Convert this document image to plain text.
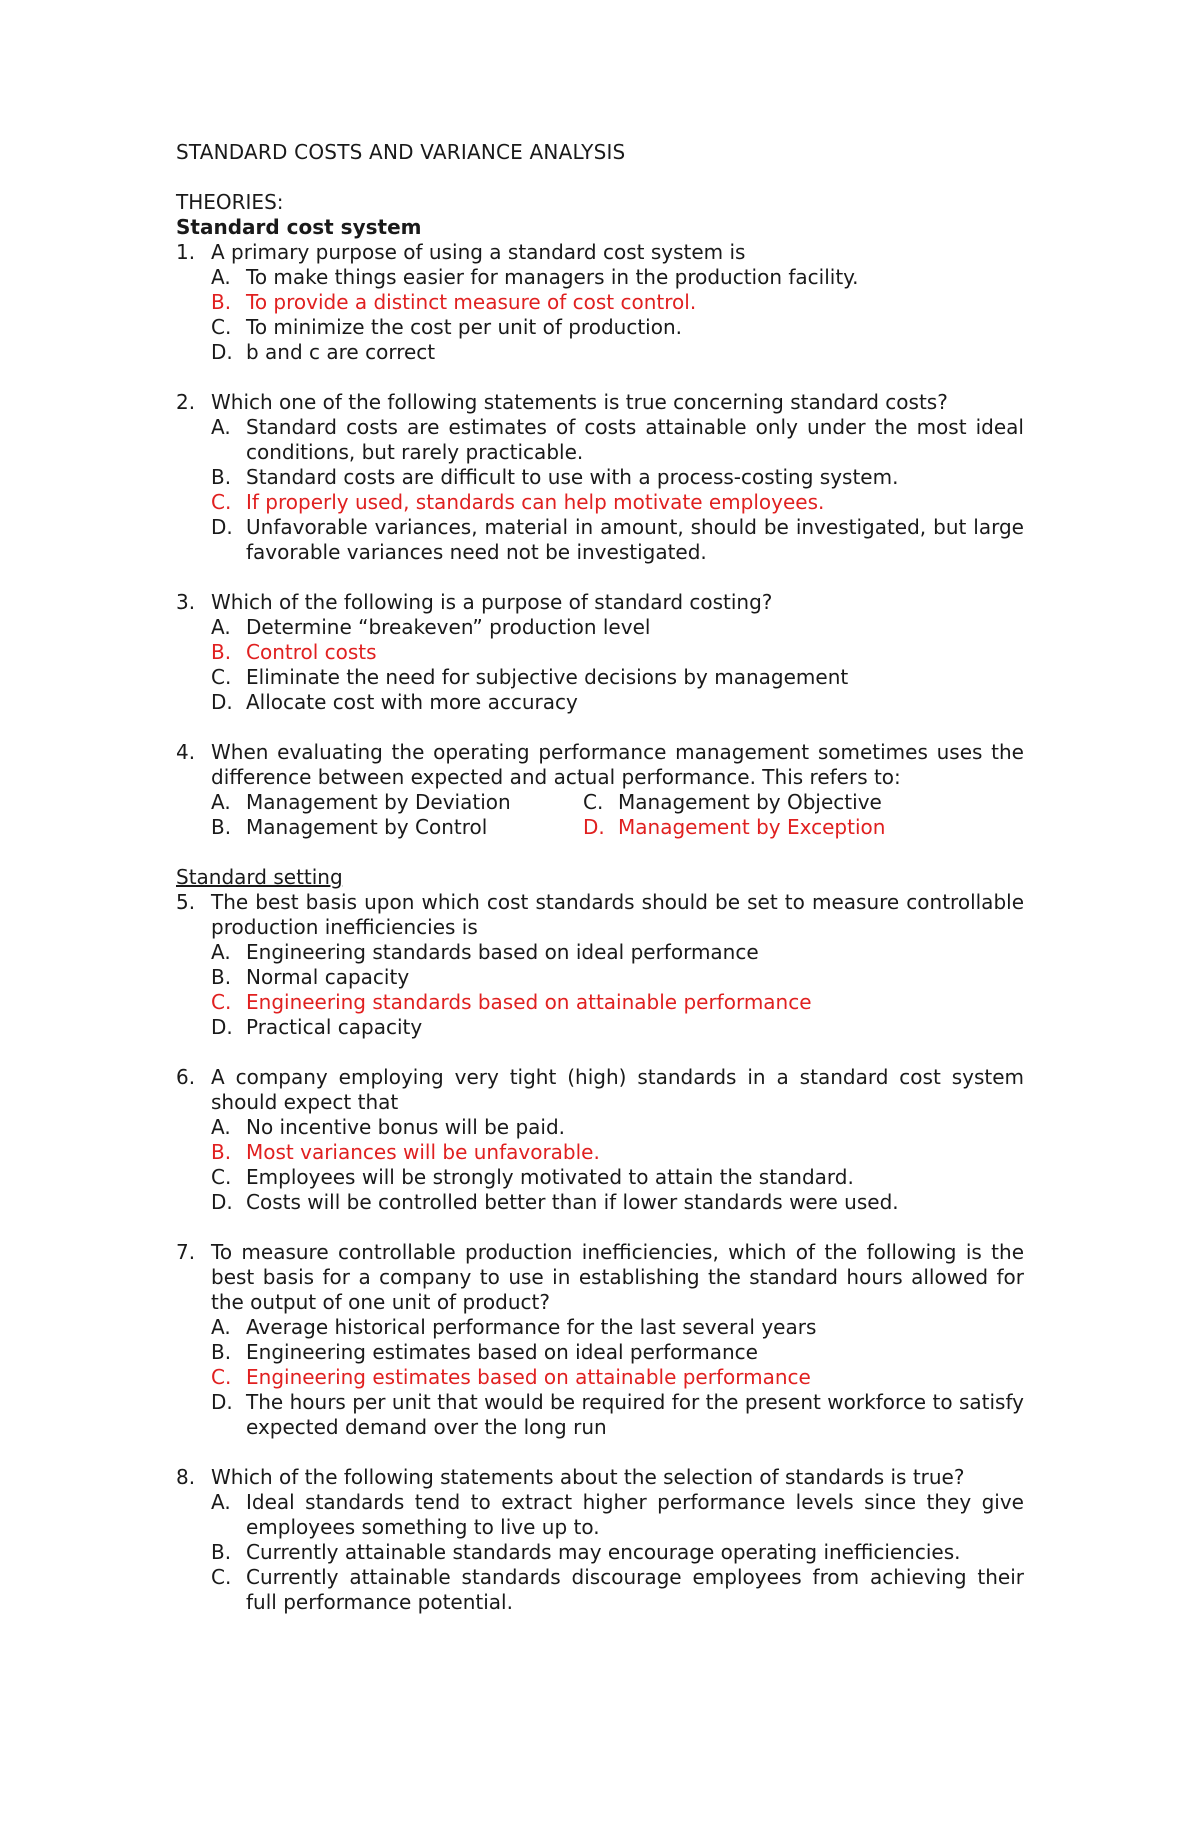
STANDARD COSTS AND VARIANCE ANALYSIS

THEORIES:

Standard cost system

1. A primary purpose of using a standard cost system is
A. To make things easier for managers in the production facility.
B. To provide a distinct measure of cost control.
C. To minimize the cost per unit of production.
D. b and c are correct
2. Which one of the following statements is true concerning standard costs?
A. Standard costs are estimates of costs attainable only under the most ideal conditions, but rarely practicable.
B. Standard costs are difficult to use with a process-costing system.
C. If properly used, standards can help motivate employees.
D. Unfavorable variances, material in amount, should be investigated, but large favorable variances need not be investigated.
3. Which of the following is a purpose of standard costing?
A. Determine “breakeven” production level
B. Control costs
C. Eliminate the need for subjective decisions by management
D. Allocate cost with more accuracy
4. When evaluating the operating performance management sometimes uses the difference between expected and actual performance. This refers to:
A. Management by Deviation	C. Management by Objective
B. Management by Control	D. Management by Exception

Standard setting

5. The best basis upon which cost standards should be set to measure controllable production inefficiencies is
A. Engineering standards based on ideal performance
B. Normal capacity
C. Engineering standards based on attainable performance
D. Practical capacity
6. A company employing very tight (high) standards in a standard cost system should expect that
A. No incentive bonus will be paid.
B. Most variances will be unfavorable.
C. Employees will be strongly motivated to attain the standard.
D. Costs will be controlled better than if lower standards were used.
7. To measure controllable production inefficiencies, which of the following is the best basis for a company to use in establishing the standard hours allowed for the output of one unit of product?
A. Average historical performance for the last several years
B. Engineering estimates based on ideal performance
C. Engineering estimates based on attainable performance
D. The hours per unit that would be required for the present workforce to satisfy expected demand over the long run
8. Which of the following statements about the selection of standards is true?
A. Ideal standards tend to extract higher performance levels since they give employees something to live up to.
B. Currently attainable standards may encourage operating inefficiencies.
C. Currently attainable standards discourage employees from achieving their full performance potential.
